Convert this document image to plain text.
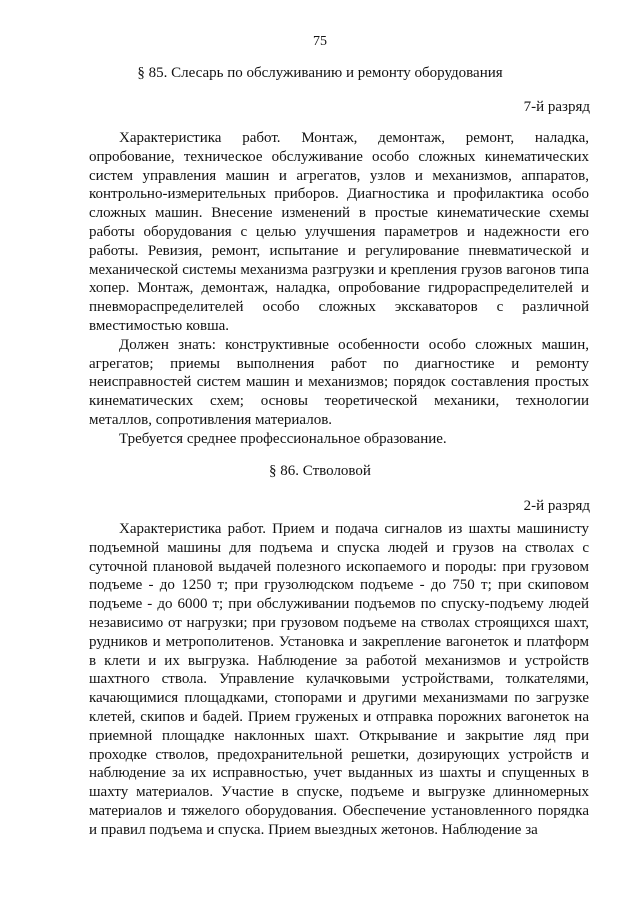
75
§ 85. Слесарь по обслуживанию и ремонту оборудования
7-й разряд

Характеристика работ. Монтаж, демонтаж, ремонт, наладка, опробование, техническое обслуживание особо сложных кинематических систем управления машин и агрегатов, узлов и механизмов, аппаратов, контрольно-измерительных приборов. Диагностика и профилактика особо сложных машин. Внесение изменений в простые кинематические схемы работы оборудования с целью улучшения параметров и надежности его работы. Ревизия, ремонт, испытание и регулирование пневматической и механической системы механизма разгрузки и крепления грузов вагонов типа хопер. Монтаж, демонтаж, наладка, опробование гидрораспределителей и пневмораспределителей особо сложных экскаваторов с различной вместимостью ковша.

Должен знать: конструктивные особенности особо сложных машин, агрегатов; приемы выполнения работ по диагностике и ремонту неисправностей систем машин и механизмов; порядок составления простых кинематических схем; основы теоретической механики, технологии металлов, сопротивления материалов.

Требуется среднее профессиональное образование.

§ 86. Стволовой
2-й разряд

Характеристика работ. Прием и подача сигналов из шахты машинисту подъемной машины для подъема и спуска людей и грузов на стволах с суточной плановой выдачей полезного ископаемого и породы: при грузовом подъеме - до 1250 т; при грузолюдском подъеме - до 750 т; при скиповом подъеме - до 6000 т; при обслуживании подъемов по спуску-подъему людей независимо от нагрузки; при грузовом подъеме на стволах строящихся шахт, рудников и метрополитенов. Установка и закрепление вагонеток и платформ в клети и их выгрузка. Наблюдение за работой механизмов и устройств шахтного ствола. Управление кулачковыми устройствами, толкателями, качающимися площадками, стопорами и другими механизмами по загрузке клетей, скипов и бадей. Прием груженых и отправка порожних вагонеток на приемной площадке наклонных шахт. Открывание и закрытие ляд при проходке стволов, предохранительной решетки, дозирующих устройств и наблюдение за их исправностью, учет выданных из шахты и спущенных в шахту материалов. Участие в спуске, подъеме и выгрузке длинномерных материалов и тяжелого оборудования. Обеспечение установленного порядка и правил подъема и спуска. Прием выездных жетонов. Наблюдение за
